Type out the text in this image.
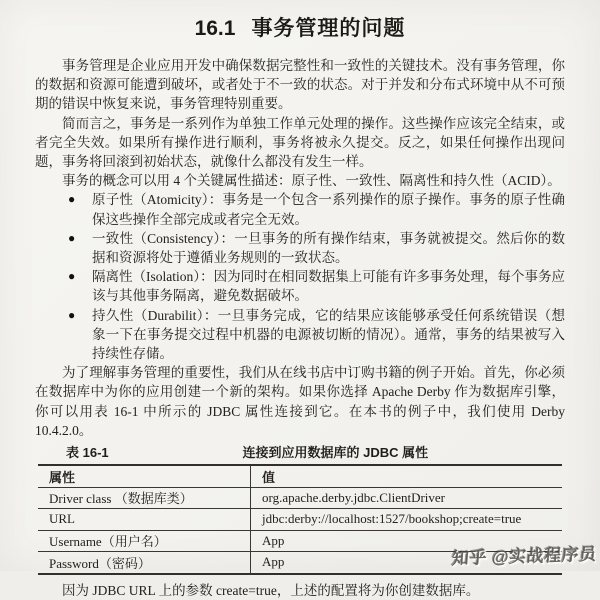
16.1 事务管理的问题

事务管理是企业应用开发中确保数据完整性和一致性的关键技术。没有事务管理，你的数据和资源可能遭到破坏，或者处于不一致的状态。对于并发和分布式环境中从不可预期的错误中恢复来说，事务管理特别重要。

简而言之，事务是一系列作为单独工作单元处理的操作。这些操作应该完全结束，或者完全失效。如果所有操作进行顺利，事务将被永久提交。反之，如果任何操作出现问题，事务将回滚到初始状态，就像什么都没有发生一样。

事务的概念可以用 4 个关键属性描述：原子性、一致性、隔离性和持久性（ACID）。

● 原子性（Atomicity）：事务是一个包含一系列操作的原子操作。事务的原子性确保这些操作全部完成或者完全无效。
● 一致性（Consistency）：一旦事务的所有操作结束，事务就被提交。然后你的数据和资源将处于遵循业务规则的一致状态。
● 隔离性（Isolation）：因为同时在相同数据集上可能有许多事务处理，每个事务应该与其他事务隔离，避免数据破坏。
● 持久性（Durabilit）：一旦事务完成，它的结果应该能够承受任何系统错误（想象一下在事务提交过程中机器的电源被切断的情况）。通常，事务的结果被写入持续性存储。

为了理解事务管理的重要性，我们从在线书店中订购书籍的例子开始。首先，你必须在数据库中为你的应用创建一个新的架构。如果你选择 Apache Derby 作为数据库引擎，你可以用表 16-1 中所示的 JDBC 属性连接到它。在本书的例子中，我们使用 Derby 10.4.2.0。

表 16-1	连接到应用数据库的 JDBC 属性
属性	值
Driver class （数据库类）	org.apache.derby.jdbc.ClientDriver
URL	jdbc:derby://localhost:1527/bookshop;create=true
Username（用户名）	App
Password（密码）	App

因为 JDBC URL 上的参数 create=true，上述的配置将为你创建数据库。

知乎 @实战程序员
